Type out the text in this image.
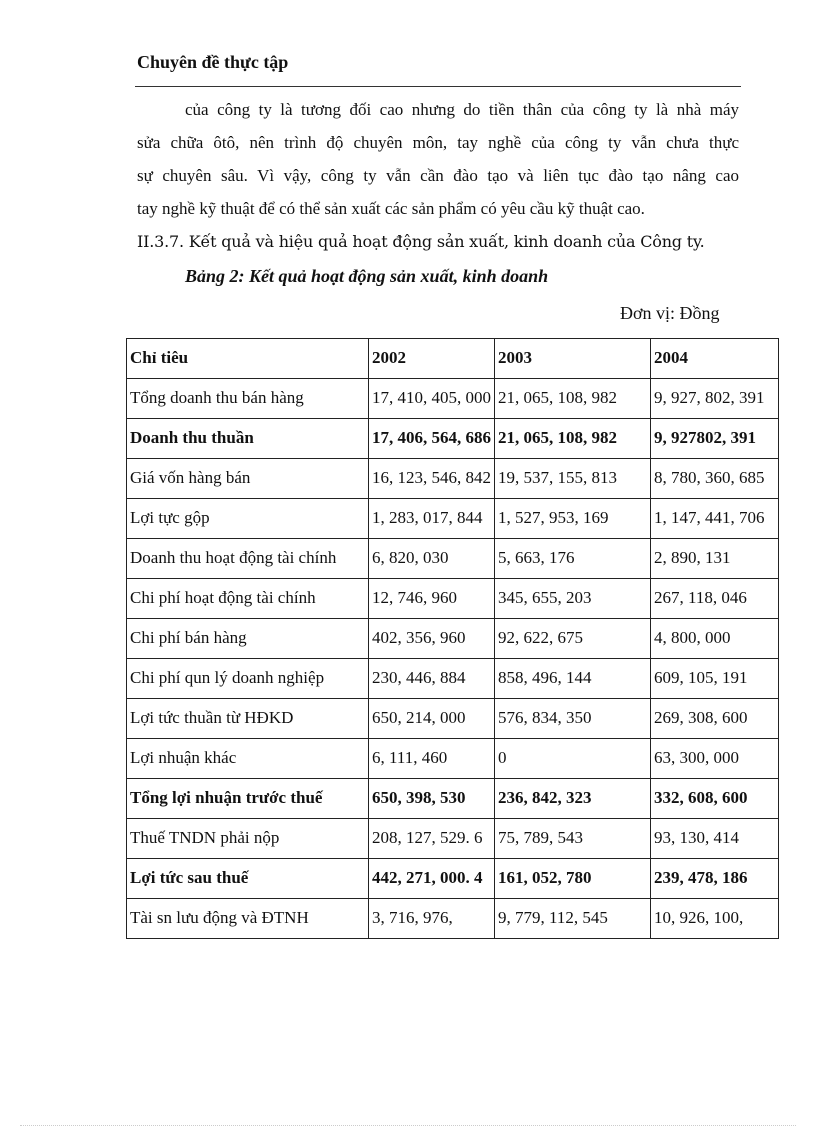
Chuyên đề thực tập
của công ty là tương đối cao nhưng do tiền thân của công ty là nhà máy
sửa chữa ôtô, nên trình độ chuyên môn, tay nghề của công ty vẫn chưa thực
sự chuyên sâu. Vì vậy, công ty vẫn cần đào tạo và liên tục đào tạo nâng cao
tay nghề kỹ thuật để có thể sản xuất các sản phẩm có yêu cầu kỹ thuật cao.
II.3.7. Kết quả và hiệu quả hoạt động sản xuất, kinh doanh của Công ty.
Bảng 2: Kết quả hoạt động sản xuất, kinh doanh
Đơn vị: Đồng
Chỉ tiêu	2002	2003	2004
Tổng doanh thu bán hàng	17, 410, 405, 000	21, 065, 108, 982	9, 927, 802, 391
Doanh thu thuần	17, 406, 564, 686	21, 065, 108, 982	9, 927802, 391
Giá vốn hàng bán	16, 123, 546, 842	19, 537, 155, 813	8, 780, 360, 685
Lợi tực gộp	1, 283, 017, 844	1, 527, 953, 169	1, 147, 441, 706
Doanh thu hoạt động tài chính	6, 820, 030	5, 663, 176	2, 890, 131
Chi phí hoạt động tài chính	12, 746, 960	345, 655, 203	267, 118, 046
Chi phí bán hàng	402, 356, 960	92, 622, 675	4, 800, 000
Chi phí qun lý doanh nghiệp	230, 446, 884	858, 496, 144	609, 105, 191
Lợi tức thuần từ HĐKD	650, 214, 000	576, 834, 350	269, 308, 600
Lợi nhuận khác	6, 111, 460	0	63, 300, 000
Tổng lợi nhuận trước thuế	650, 398, 530	236, 842, 323	332, 608, 600
Thuế TNDN phải nộp	208, 127, 529. 6	75, 789, 543	93, 130, 414
Lợi tức sau thuế	442, 271, 000. 4	161, 052, 780	239, 478, 186
Tài sn lưu động và ĐTNH	3, 716, 976,	9, 779, 112, 545	10, 926, 100,
